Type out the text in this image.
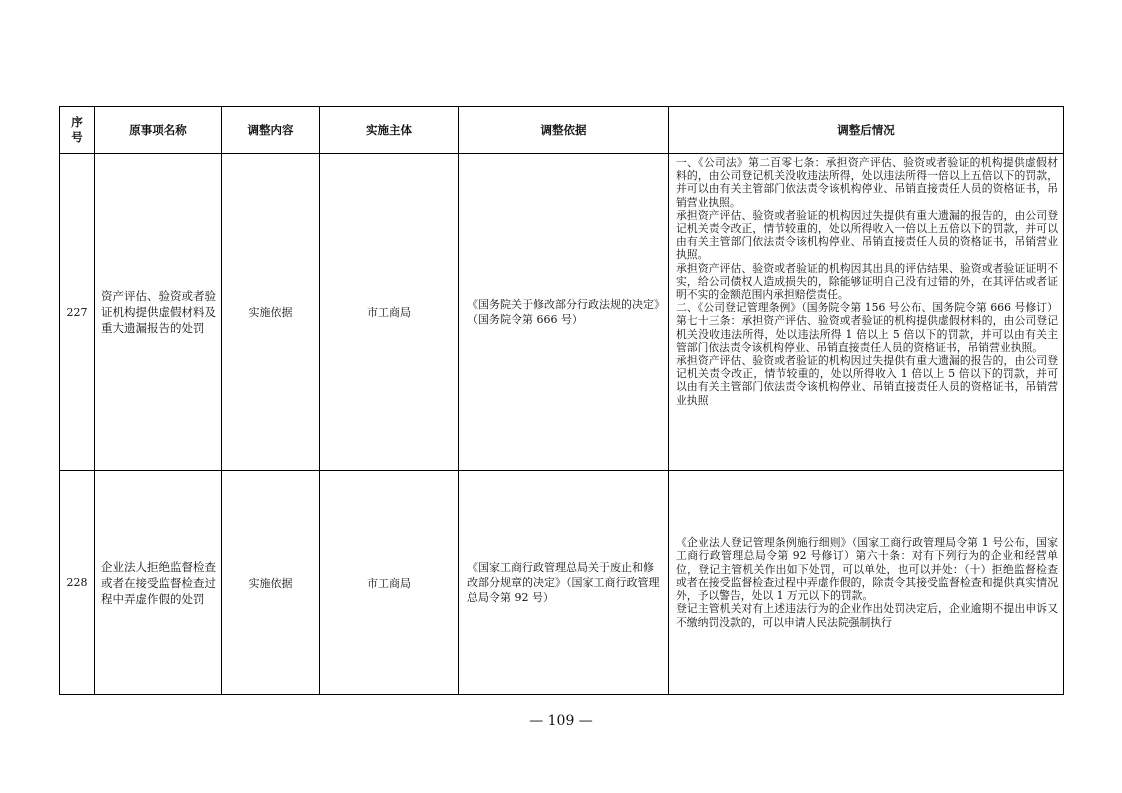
序号	原事项名称	调整内容	实施主体	调整依据	调整后情况
227	资产评估、验资或者验证机构提供虚假材料及重大遗漏报告的处罚	实施依据	市工商局	《国务院关于修改部分行政法规的决定》（国务院令第 666 号）	一、《公司法》第二百零七条：承担资产评估、验资或者验证的机构提供虚假材料的，由公司登记机关没收违法所得，处以违法所得一倍以上五倍以下的罚款，并可以由有关主管部门依法责令该机构停业、吊销直接责任人员的资格证书，吊销营业执照。
承担资产评估、验资或者验证的机构因过失提供有重大遗漏的报告的，由公司登记机关责令改正，情节较重的，处以所得收入一倍以上五倍以下的罚款，并可以由有关主管部门依法责令该机构停业、吊销直接责任人员的资格证书，吊销营业执照。
承担资产评估、验资或者验证的机构因其出具的评估结果、验资或者验证证明不实，给公司债权人造成损失的，除能够证明自己没有过错的外，在其评估或者证明不实的金额范围内承担赔偿责任。
二、《公司登记管理条例》（国务院令第 156 号公布、国务院令第 666 号修订）第七十三条：承担资产评估、验资或者验证的机构提供虚假材料的，由公司登记机关没收违法所得，处以违法所得 1 倍以上 5 倍以下的罚款，并可以由有关主管部门依法责令该机构停业、吊销直接责任人员的资格证书，吊销营业执照。
承担资产评估、验资或者验证的机构因过失提供有重大遗漏的报告的，由公司登记机关责令改正，情节较重的，处以所得收入 1 倍以上 5 倍以下的罚款，并可以由有关主管部门依法责令该机构停业、吊销直接责任人员的资格证书，吊销营业执照

228	企业法人拒绝监督检查或者在接受监督检查过程中弄虚作假的处罚	实施依据	市工商局	《国家工商行政管理总局关于废止和修改部分规章的决定》（国家工商行政管理总局令第 92 号）	《企业法人登记管理条例施行细则》（国家工商行政管理局令第 1 号公布，国家工商行政管理总局令第 92 号修订）第六十条：对有下列行为的企业和经营单位，登记主管机关作出如下处罚，可以单处，也可以并处：（十）拒绝监督检查或者在接受监督检查过程中弄虚作假的，除责令其接受监督检查和提供真实情况外，予以警告，处以 1 万元以下的罚款。
登记主管机关对有上述违法行为的企业作出处罚决定后，企业逾期不提出申诉又不缴纳罚没款的，可以申请人民法院强制执行
— 109 —
